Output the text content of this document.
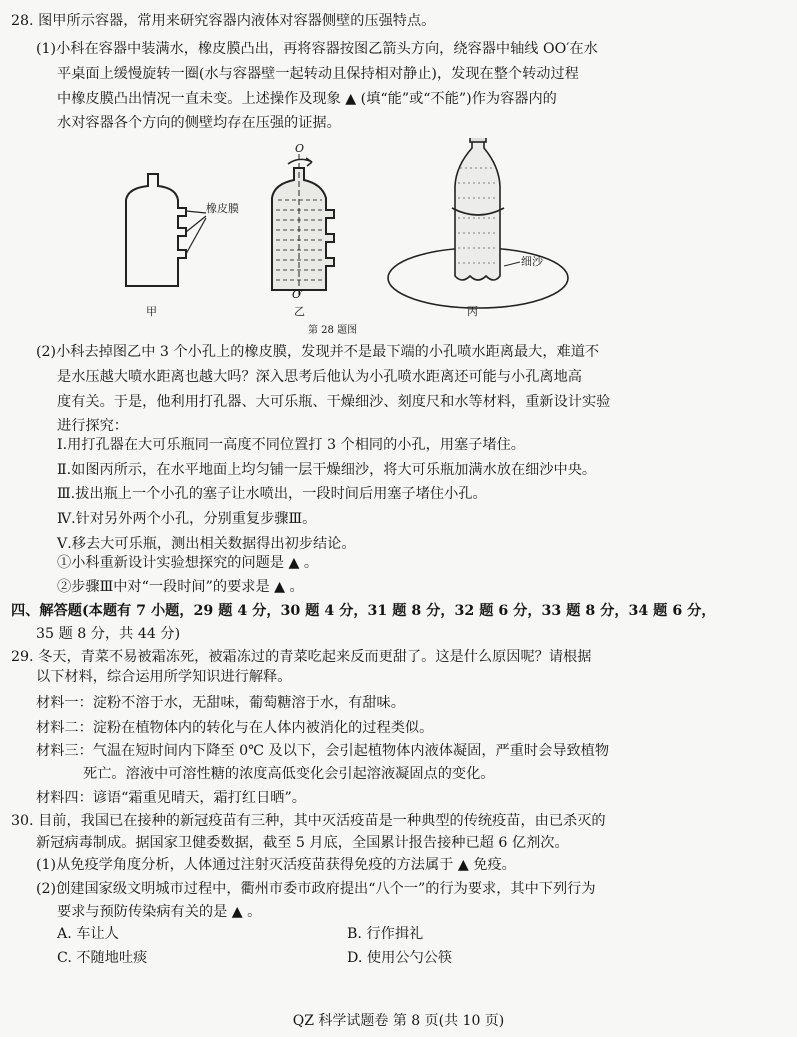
28. 图甲所示容器，常用来研究容器内液体对容器侧壁的压强特点。
(1)小科在容器中装满水，橡皮膜凸出，再将容器按图乙箭头方向，绕容器中轴线 OO′在水
平桌面上缓慢旋转一圈(水与容器壁一起转动且保持相对静止)，发现在整个转动过程
中橡皮膜凸出情况一直未变。上述操作及现象 ▲ (填“能”或“不能”)作为容器内的
水对容器各个方向的侧壁均存在压强的证据。
橡皮膜
O
O′
细沙
甲	乙	丙
第 28 题图
(2)小科去掉图乙中 3 个小孔上的橡皮膜，发现并不是最下端的小孔喷水距离最大，难道不
是水压越大喷水距离也越大吗？深入思考后他认为小孔喷水距离还可能与小孔离地高
度有关。于是，他利用打孔器、大可乐瓶、干燥细沙、刻度尺和水等材料，重新设计实验
进行探究：
Ⅰ.用打孔器在大可乐瓶同一高度不同位置打 3 个相同的小孔，用塞子堵住。
Ⅱ.如图丙所示，在水平地面上均匀铺一层干燥细沙，将大可乐瓶加满水放在细沙中央。
Ⅲ.拔出瓶上一个小孔的塞子让水喷出，一段时间后用塞子堵住小孔。
Ⅳ.针对另外两个小孔，分别重复步骤Ⅲ。
Ⅴ.移去大可乐瓶，测出相关数据得出初步结论。
①小科重新设计实验想探究的问题是 ▲ 。
②步骤Ⅲ中对“一段时间”的要求是 ▲ 。
四、解答题(本题有 7 小题，29 题 4 分，30 题 4 分，31 题 8 分，32 题 6 分，33 题 8 分，34 题 6 分，
35 题 8 分，共 44 分)
29. 冬天，青菜不易被霜冻死，被霜冻过的青菜吃起来反而更甜了。这是什么原因呢？请根据
以下材料，综合运用所学知识进行解释。
材料一：淀粉不溶于水，无甜味，葡萄糖溶于水，有甜味。
材料二：淀粉在植物体内的转化与在人体内被消化的过程类似。
材料三：气温在短时间内下降至 0℃ 及以下，会引起植物体内液体凝固，严重时会导致植物
死亡。溶液中可溶性糖的浓度高低变化会引起溶液凝固点的变化。
材料四：谚语“霜重见晴天，霜打红日晒”。
30. 目前，我国已在接种的新冠疫苗有三种，其中灭活疫苗是一种典型的传统疫苗，由已杀灭的
新冠病毒制成。据国家卫健委数据，截至 5 月底，全国累计报告接种已超 6 亿剂次。
(1)从免疫学角度分析，人体通过注射灭活疫苗获得免疫的方法属于 ▲ 免疫。
(2)创建国家级文明城市过程中，衢州市委市政府提出“八个一”的行为要求，其中下列行为
要求与预防传染病有关的是 ▲ 。
A. 车让人	B. 行作揖礼
C. 不随地吐痰	D. 使用公勺公筷
QZ 科学试题卷 第 8 页(共 10 页)
